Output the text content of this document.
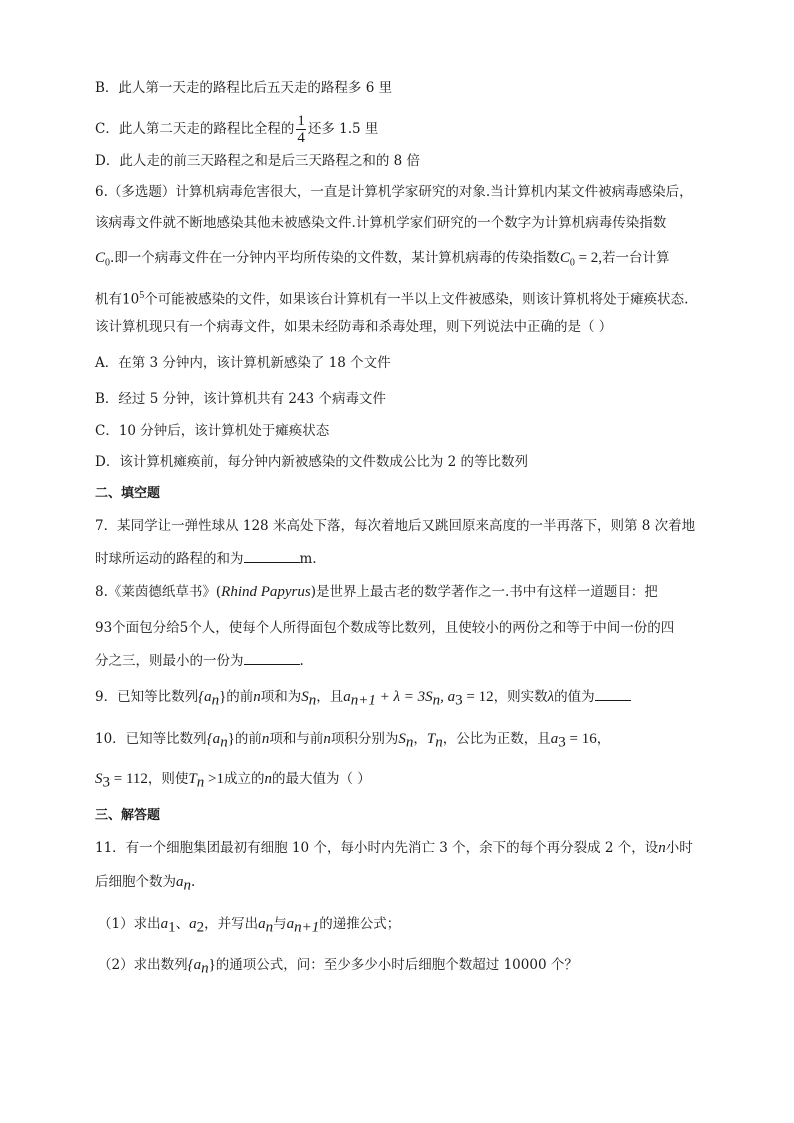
B．此人第一天走的路程比后五天走的路程多 6 里
C．此人第二天走的路程比全程的 $\frac{1}{4}$ 还多 1.5 里
D．此人走的前三天路程之和是后三天路程之和的 8 倍
6.（多选题）计算机病毒危害很大，一直是计算机学家研究的对象.当计算机内某文件被病毒感染后，
该病毒文件就不断地感染其他未被感染文件.计算机学家们研究的一个数字为计算机病毒传染指数
$C_0$.即一个病毒文件在一分钟内平均所传染的文件数，某计算机病毒的传染指数$C_0 = 2$,若一台计算
机有$10^5$个可能被感染的文件，如果该台计算机有一半以上文件被感染，则该计算机将处于瘫痪状态.
该计算机现只有一个病毒文件，如果未经防毒和杀毒处理，则下列说法中正确的是（ ）
A．在第 3 分钟内，该计算机新感染了 18 个文件
B．经过 5 分钟，该计算机共有 243 个病毒文件
C．10 分钟后，该计算机处于瘫痪状态
D．该计算机瘫痪前，每分钟内新被感染的文件数成公比为 2 的等比数列
二、填空题
7．某同学让一弹性球从 128 米高处下落，每次着地后又跳回原来高度的一半再落下，则第 8 次着地
时球所运动的路程的和为	m.
8.《莱茵德纸草书》(Rhind Papyrus)是世界上最古老的数学著作之一.书中有这样一道题目：把
93个面包分给5个人，使每个人所得面包个数成等比数列，且使较小的两份之和等于中间一份的四
分之三，则最小的一份为	.
9．已知等比数列$\{a_n\}$的前n项和为$S_n$，且$a_{n+1} + \lambda = 3S_n$, $a_3 = 12$，则实数λ的值为
10．已知等比数列$\{a_n\}$的前n项和与前n项积分别为$S_n$，$T_n$，公比为正数，且$a_3 = 16$，
$S_3 = 112$，则使$T_n >1$成立的n的最大值为（ ）
三、解答题
11．有一个细胞集团最初有细胞 10 个，每小时内先消亡 3 个，余下的每个再分裂成 2 个，设n小时
后细胞个数为$a_n$.
（1）求出$a_1$、$a_2$，并写出$a_n$与$a_{n+1}$的递推公式；
（2）求出数列$\{a_n\}$的通项公式，问：至少多少小时后细胞个数超过 10000 个？
